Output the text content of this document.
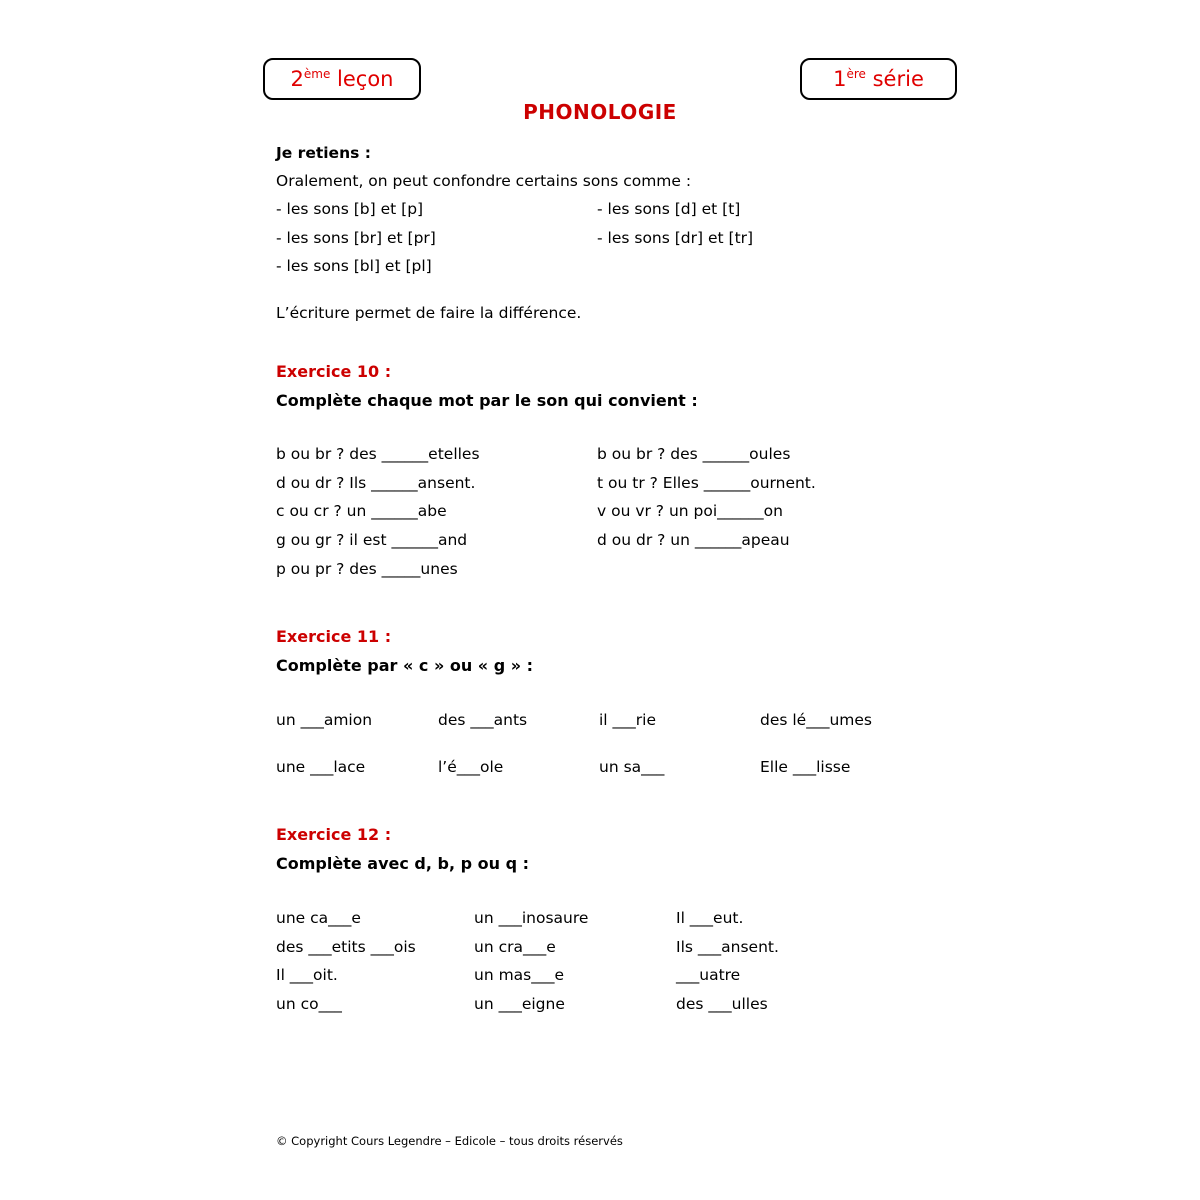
2ème leçon	1ère série
PHONOLOGIE
Je retiens :
Oralement, on peut confondre certains sons comme :
- les sons [b] et [p]
- les sons [br] et [pr]
- les sons [bl] et [pl]
- les sons [d] et [t]
- les sons [dr] et [tr]
L’écriture permet de faire la différence.
Exercice 10 :
Complète chaque mot par le son qui convient :
b ou br ? des ______etelles
d ou dr ? Ils ______ansent.
c ou cr ? un ______abe
g ou gr ? il est ______and
p ou pr ? des _____unes
b ou br ? des ______oules
t ou tr ? Elles ______ournent.
v ou vr ? un poi______on
d ou dr ? un ______apeau
Exercice 11 :
Complète par « c » ou « g » :
un ___amion	des ___ants	il ___rie	des lé___umes
une ___lace	l’é___ole	un sa___	Elle ___lisse
Exercice 12 :
Complète avec d, b, p ou q :
une ca___e	un ___inosaure	Il ___eut.
des ___etits ___ois	un cra___e	Ils ___ansent.
Il ___oit.	un mas___e	___uatre
un co___	un ___eigne	des ___ulles
© Copyright Cours Legendre – Edicole – tous droits réservés
